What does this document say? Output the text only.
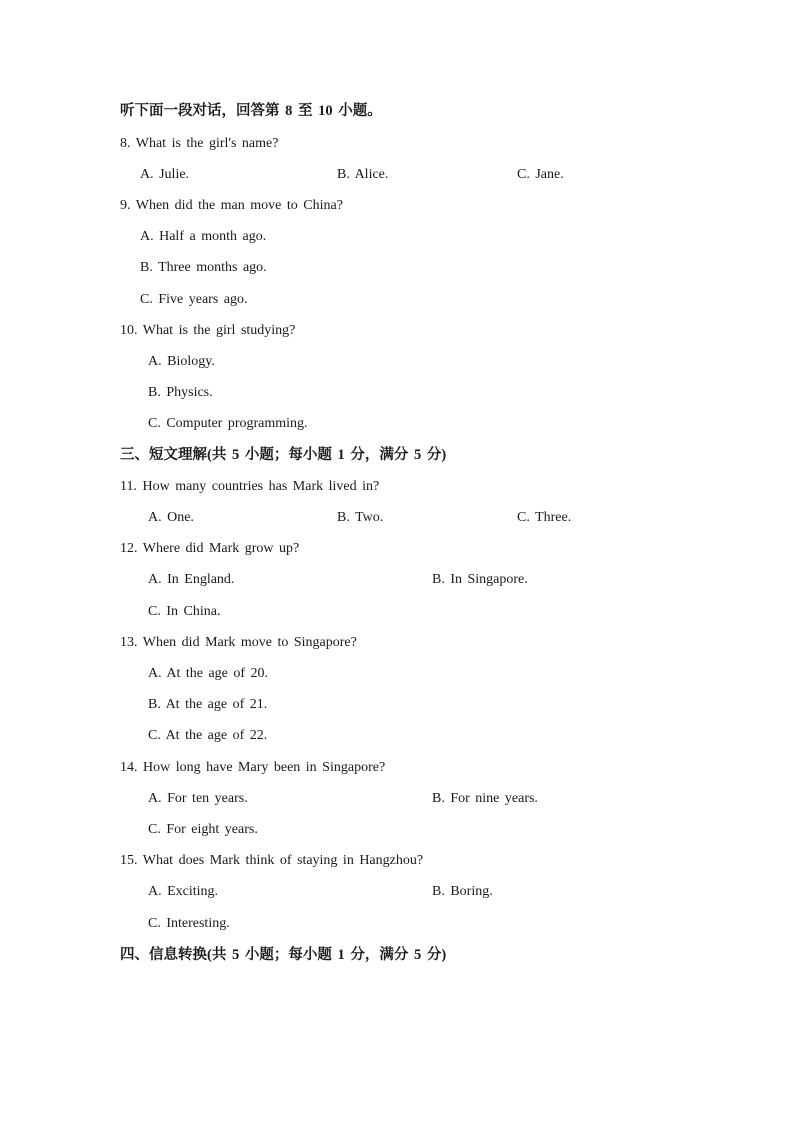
听下面一段对话，回答第 8 至 10 小题。
8. What is the girl's name?
A. Julie.	B. Alice.	C. Jane.
9. When did the man move to China?
A. Half a month ago.
B. Three months ago.
C. Five years ago.
10. What is the girl studying?
A. Biology.
B. Physics.
C. Computer programming.
三、短文理解(共 5 小题；每小题 1 分，满分 5 分)
11. How many countries has Mark lived in?
A. One.	B. Two.	C. Three.
12. Where did Mark grow up?
A. In England.	B. In Singapore.
C. In China.
13. When did Mark move to Singapore?
A. At the age of 20.
B. At the age of 21.
C. At the age of 22.
14. How long have Mary been in Singapore?
A. For ten years.	B. For nine years.
C. For eight years.
15. What does Mark think of staying in Hangzhou?
A. Exciting.	B. Boring.
C. Interesting.
四、信息转换(共 5 小题；每小题 1 分，满分 5 分)
